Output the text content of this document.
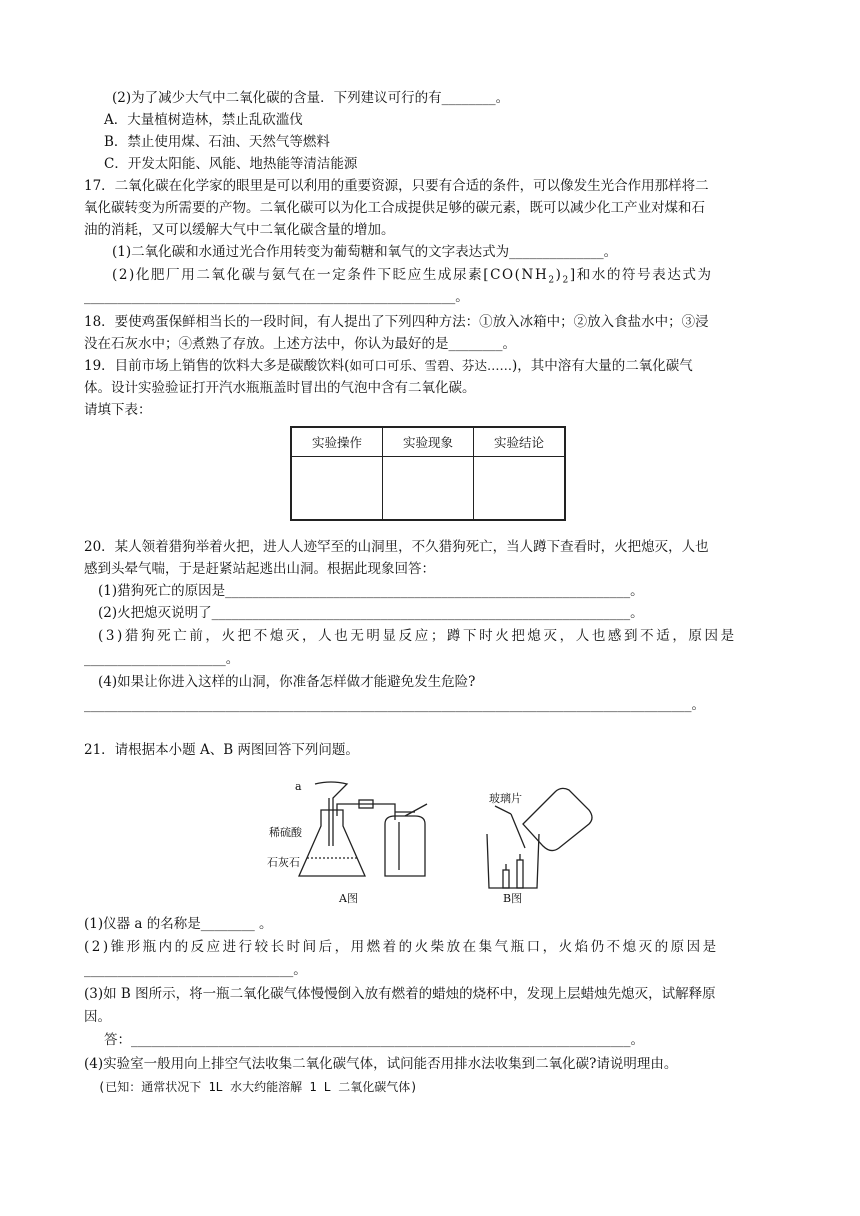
(2)为了减少大气中二氧化碳的含量．下列建议可行的有________。
A．大量植树造林，禁止乱砍滥伐
B．禁止使用煤、石油、天然气等燃料
C．开发太阳能、风能、地热能等清洁能源
17．二氧化碳在化学家的眼里是可以利用的重要资源，只要有合适的条件，可以像发生光合作用那样将二
氧化碳转变为所需要的产物。二氧化碳可以为化工合成提供足够的碳元素，既可以减少化工产业对煤和石
油的消耗，又可以缓解大气中二氧化碳含量的增加。
(1)二氧化碳和水通过光合作用转变为葡萄糖和氧气的文字表达式为______________。
(2)化肥厂用二氧化碳与氨气在一定条件下眨应生成尿素$[CO(NH_2)_2]$和水的符号表达式为
_______________________________________________________。
18．要使鸡蛋保鲜相当长的一段时间，有人提出了下列四种方法：①放入冰箱中；②放入食盐水中；③浸
没在石灰水中；④煮熟了存放。上述方法中，你认为最好的是________。
19．目前市场上销售的饮料大多是碳酸饮料(如可口可乐、雪碧、芬达……)，其中溶有大量的二氧化碳气
体。设计实验验证打开汽水瓶瓶盖时冒出的气泡中含有二氧化碳。
请填下表：
实验操作	实验现象	实验结论

20．某人领着猎狗举着火把，进人人迹罕至的山洞里，不久猎狗死亡，当人蹲下查看时，火把熄灭，人也
感到头晕气喘，于是赶紧站起逃出山洞。根据此现象回答：
(1)猎狗死亡的原因是____________________________________________________________。
(2)火把熄灭说明了______________________________________________________________。
(3)猎狗死亡前，火把不熄灭，人也无明显反应；蹲下时火把熄灭，人也感到不适，原因是
_____________________。
(4)如果让你进入这样的山洞，你准备怎样做才能避免发生危险?
__________________________________________________________________________________________。
21．请根据本小题 A、B 两图回答下列问题。
a
稀硫酸
石灰石
玻璃片
A图	B图
(1)仪器 a 的名称是________ 。
(2)锥形瓶内的反应进行较长时间后，用燃着的火柴放在集气瓶口，火焰仍不熄灭的原因是
_______________________________。
(3)如 B 图所示，将一瓶二氧化碳气体慢慢倒入放有燃着的蜡烛的烧杯中，发现上层蜡烛先熄灭，试解释原
因。
答：__________________________________________________________________________。
(4)实验室一般用向上排空气法收集二氧化碳气体，试问能否用排水法收集到二氧化碳?请说明理由。
(已知：通常状况下 1L 水大约能溶解 1 L 二氧化碳气体)
